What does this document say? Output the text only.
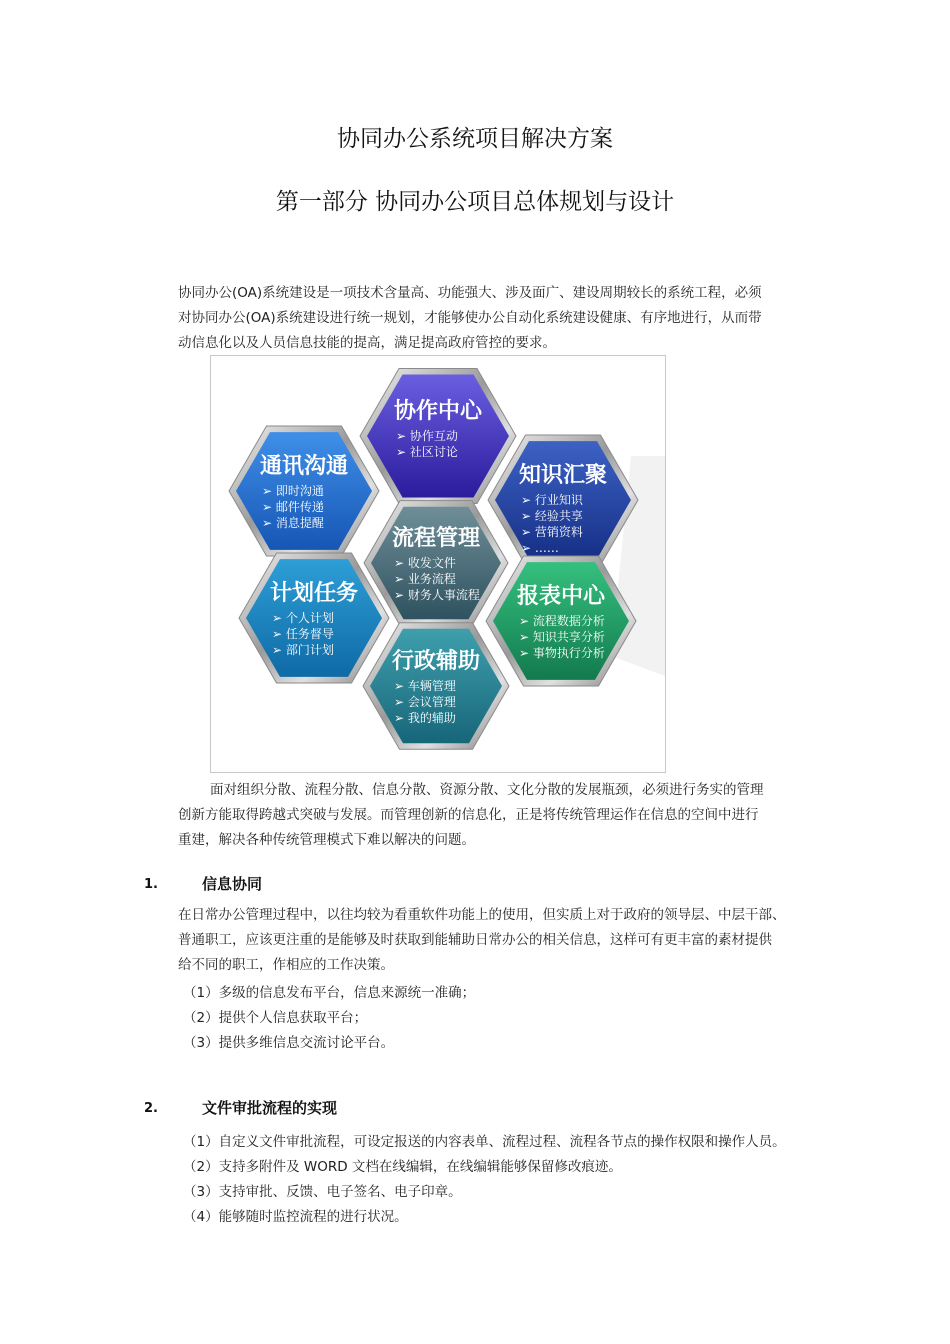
协同办公系统项目解决方案
第一部分 协同办公项目总体规划与设计
协同办公(OA)系统建设是一项技术含量高、功能强大、涉及面广、建设周期较长的系统工程，必须
对协同办公(OA)系统建设进行统一规划，才能够使办公自动化系统建设健康、有序地进行，从而带
动信息化以及人员信息技能的提高，满足提高政府管控的要求。
协作中心
➢ 协作互动
➢ 社区讨论
通讯沟通
➢ 即时沟通
➢ 邮件传递
➢ 消息提醒
知识汇聚
➢ 行业知识
➢ 经验共享
➢ 营销资料
➢ ……
流程管理
➢ 收发文件
➢ 业务流程
➢ 财务人事流程
计划任务
➢ 个人计划
➢ 任务督导
➢ 部门计划
报表中心
➢ 流程数据分析
➢ 知识共享分析
➢ 事物执行分析
行政辅助
➢ 车辆管理
➢ 会议管理
➢ 我的辅助
面对组织分散、流程分散、信息分散、资源分散、文化分散的发展瓶颈，必须进行务实的管理
创新方能取得跨越式突破与发展。而管理创新的信息化，正是将传统管理运作在信息的空间中进行
重建，解决各种传统管理模式下难以解决的问题。
1.	信息协同
在日常办公管理过程中，以往均较为看重软件功能上的使用，但实质上对于政府的领导层、中层干部、
普通职工，应该更注重的是能够及时获取到能辅助日常办公的相关信息，这样可有更丰富的素材提供
给不同的职工，作相应的工作决策。
（1）多级的信息发布平台，信息来源统一准确；
（2）提供个人信息获取平台；
（3）提供多维信息交流讨论平台。
2.	文件审批流程的实现
（1）自定义文件审批流程，可设定报送的内容表单、流程过程、流程各节点的操作权限和操作人员。
（2）支持多附件及 WORD 文档在线编辑，在线编辑能够保留修改痕迹。
（3）支持审批、反馈、电子签名、电子印章。
（4）能够随时监控流程的进行状况。
